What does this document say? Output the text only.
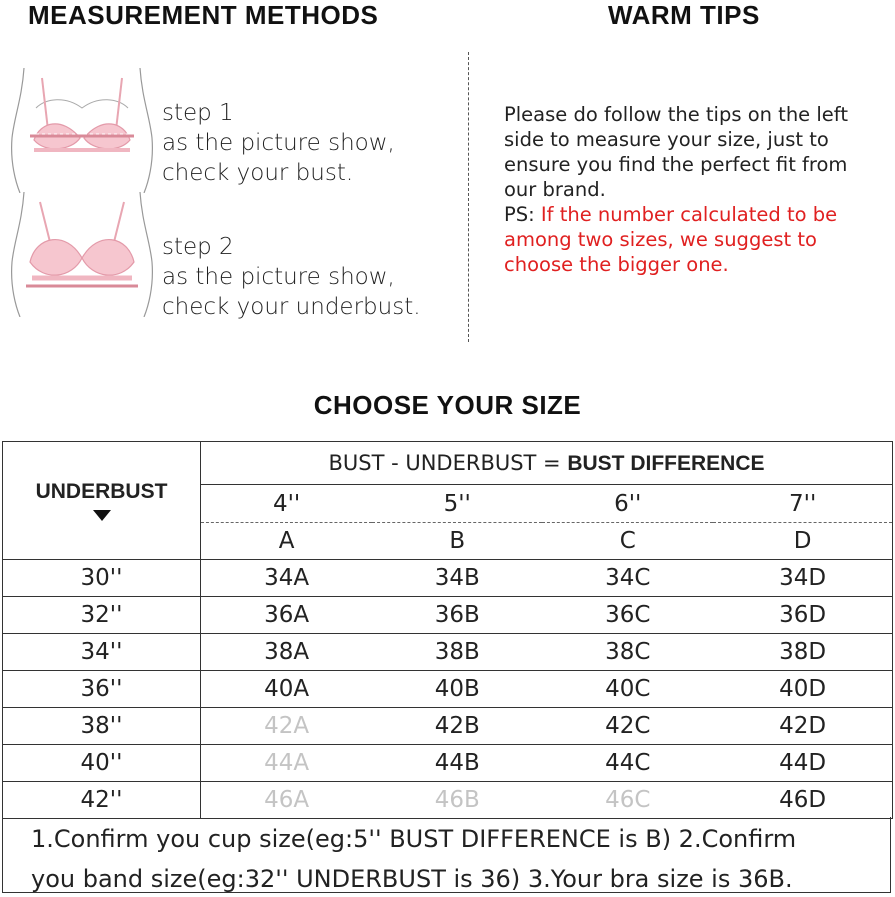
MEASUREMENT METHODS	WARM TIPS
step 1
as the picture show,
check your bust.
step 2
as the picture show,
check your underbust.
Please do follow the tips on the left side to measure your size, just to ensure you find the perfect fit from our brand.
PS: If the number calculated to be among two sizes, we suggest to choose the bigger one.
CHOOSE YOUR SIZE
UNDERBUST	BUST - UNDERBUST = BUST DIFFERENCE			
	4''	5''	6''	7''
	A	B	C	D
30''	34A	34B	34C	34D
32''	36A	36B	36C	36D
34''	38A	38B	38C	38D
36''	40A	40B	40C	40D
38''	42A	42B	42C	42D
40''	44A	44B	44C	44D
42''	46A	46B	46C	46D

1.Confirm you cup size(eg:5'' BUST DIFFERENCE is B) 2.Confirm

you band size(eg:32'' UNDERBUST is 36) 3.Your bra size is 36B.
